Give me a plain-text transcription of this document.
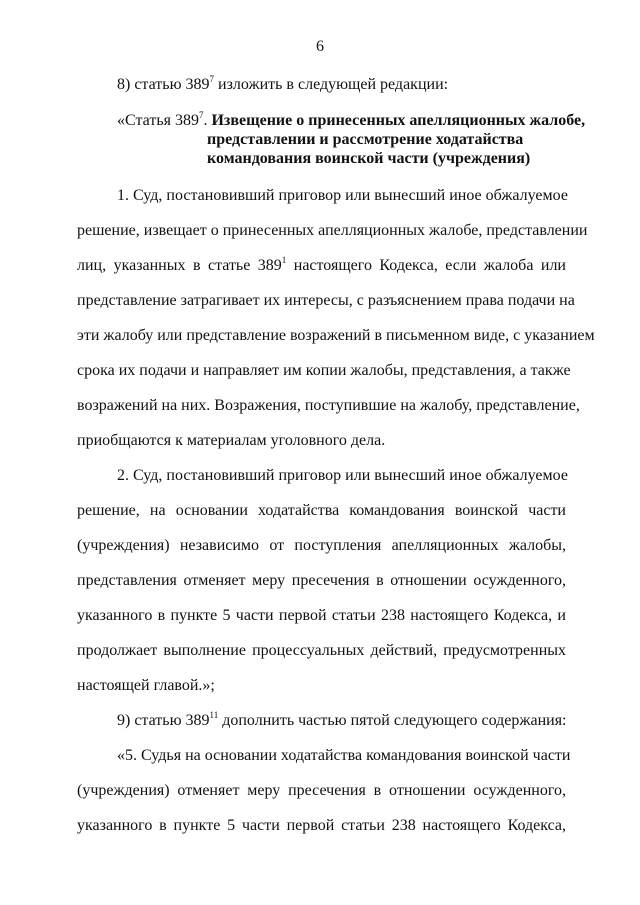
6
8) статью $389^7$ изложить в следующей редакции:
«Статья $389^7$. Извещение о принесенных апелляционных жалобе,
представлении и рассмотрение ходатайства
командования воинской части (учреждения)
1. Суд, постановивший приговор или вынесший иное обжалуемое
решение, извещает о принесенных апелляционных жалобе, представлении
лиц, указанных в статье $389^1$ настоящего Кодекса, если жалоба или
представление затрагивает их интересы, с разъяснением права подачи на
эти жалобу или представление возражений в письменном виде, с указанием
срока их подачи и направляет им копии жалобы, представления, а также
возражений на них. Возражения, поступившие на жалобу, представление,
приобщаются к материалам уголовного дела.
2. Суд, постановивший приговор или вынесший иное обжалуемое
решение, на основании ходатайства командования воинской части
(учреждения) независимо от поступления апелляционных жалобы,
представления отменяет меру пресечения в отношении осужденного,
указанного в пункте 5 части первой статьи 238 настоящего Кодекса, и
продолжает выполнение процессуальных действий, предусмотренных
настоящей главой.»;
9) статью $389^{11}$ дополнить частью пятой следующего содержания:
«5. Судья на основании ходатайства командования воинской части
(учреждения) отменяет меру пресечения в отношении осужденного,
указанного в пункте 5 части первой статьи 238 настоящего Кодекса,
